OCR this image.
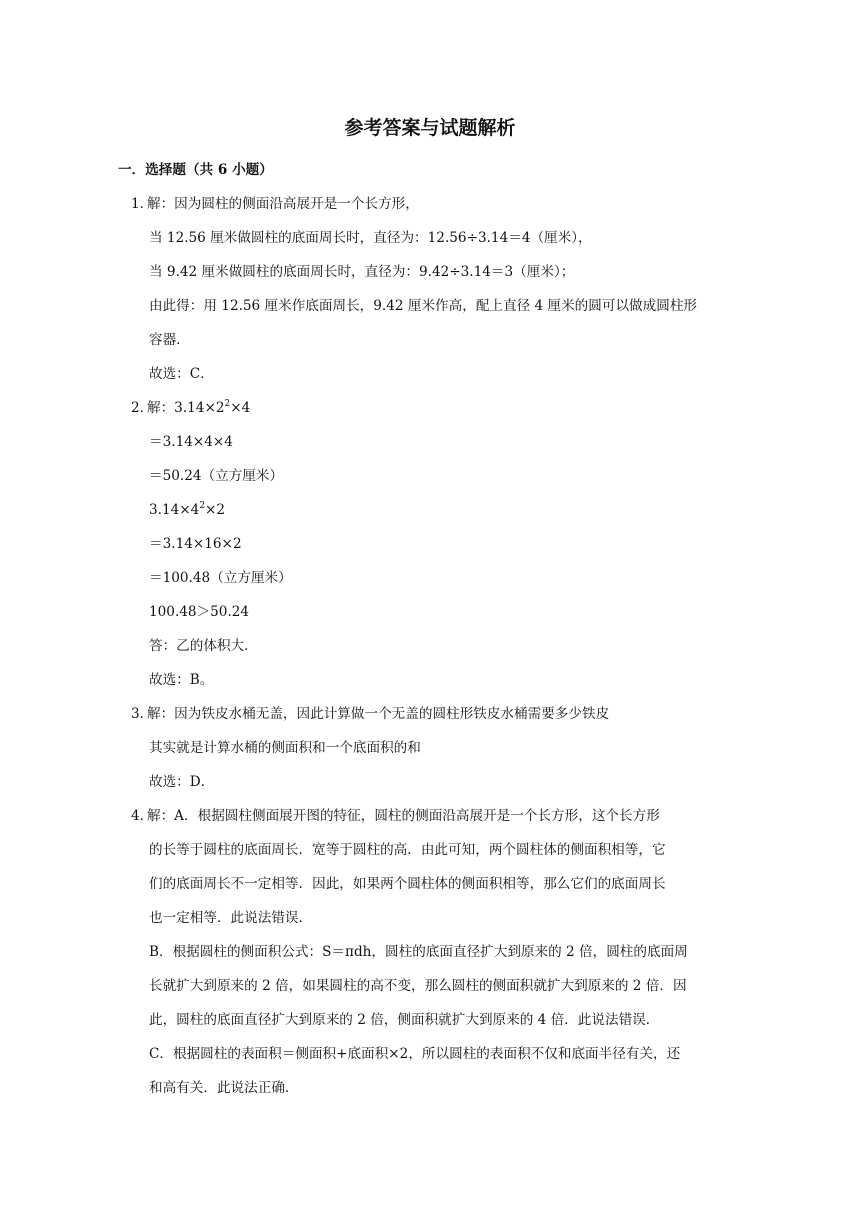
参考答案与试题解析
一．选择题（共 6 小题）
1．
解：因为圆柱的侧面沿高展开是一个长方形，
当 12.56 厘米做圆柱的底面周长时，直径为：12.56÷3.14＝4（厘米），
当 9.42 厘米做圆柱的底面周长时，直径为：9.42÷3.14＝3（厘米）；
由此得：用 12.56 厘米作底面周长，9.42 厘米作高，配上直径 4 厘米的圆可以做成圆柱形
容器．
故选：C．
2．
解：$3.14\times 2^2\times 4$
＝3.14×4×4
＝50.24（立方厘米）
$3.14\times 4^2\times 2$
＝3.14×16×2
＝100.48（立方厘米）
100.48＞50.24
答：乙的体积大．
故选：B。
3．
解：因为铁皮水桶无盖，因此计算做一个无盖的圆柱形铁皮水桶需要多少铁皮
其实就是计算水桶的侧面积和一个底面积的和
故选：D．
4．
解：A．根据圆柱侧面展开图的特征，圆柱的侧面沿高展开是一个长方形，这个长方形
的长等于圆柱的底面周长．宽等于圆柱的高．由此可知，两个圆柱体的侧面积相等，它
们的底面周长不一定相等．因此，如果两个圆柱体的侧面积相等，那么它们的底面周长
也一定相等．此说法错误．
B．根据圆柱的侧面积公式：S＝πdh，圆柱的底面直径扩大到原来的 2 倍，圆柱的底面周
长就扩大到原来的 2 倍，如果圆柱的高不变，那么圆柱的侧面积就扩大到原来的 2 倍．因
此，圆柱的底面直径扩大到原来的 2 倍，侧面积就扩大到原来的 4 倍．此说法错误．
C．根据圆柱的表面积＝侧面积+底面积×2，所以圆柱的表面积不仅和底面半径有关，还
和高有关．此说法正确．
